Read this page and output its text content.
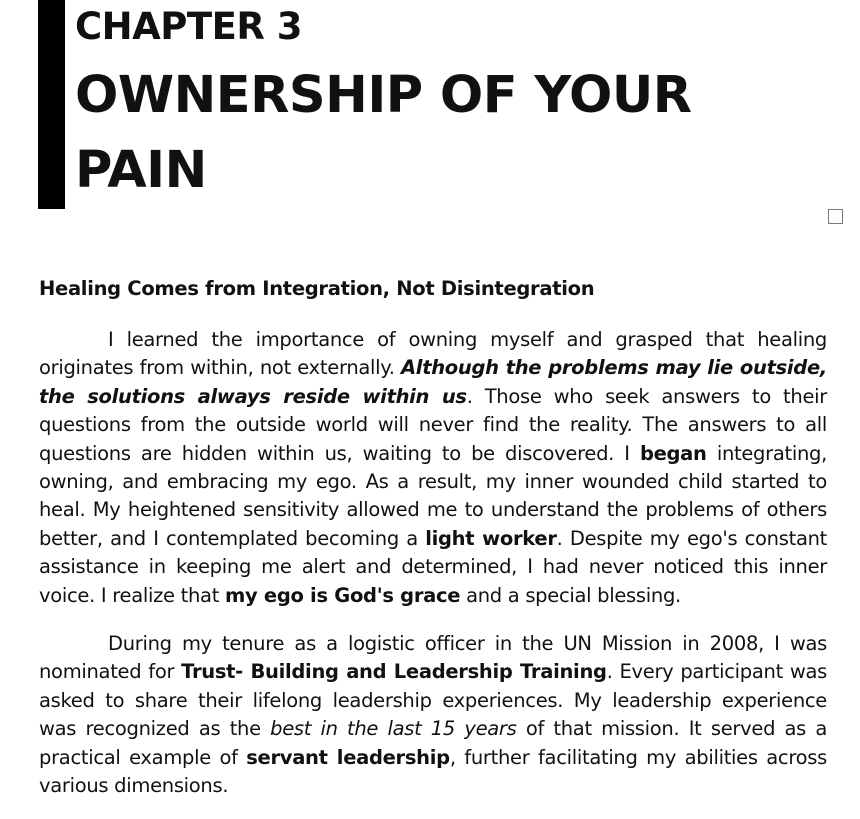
CHAPTER 3
OWNERSHIP OF YOUR PAIN
Healing Comes from Integration, Not Disintegration

I learned the importance of owning myself and grasped that healing originates from within, not externally. Although the problems may lie outside, the solutions always reside within us. Those who seek answers to their questions from the outside world will never find the reality. The answers to all questions are hidden within us, waiting to be discovered. I began integrating, owning, and embracing my ego. As a result, my inner wounded child started to heal. My heightened sensitivity allowed me to understand the problems of others better, and I contemplated becoming a light worker. Despite my ego's constant assistance in keeping me alert and determined, I had never noticed this inner voice. I realize that my ego is God's grace and a special blessing.

During my tenure as a logistic officer in the UN Mission in 2008, I was nominated for Trust- Building and Leadership Training. Every participant was asked to share their lifelong leadership experiences. My leadership experience was recognized as the best in the last 15 years of that mission. It served as a practical example of servant leadership, further facilitating my abilities across various dimensions.
